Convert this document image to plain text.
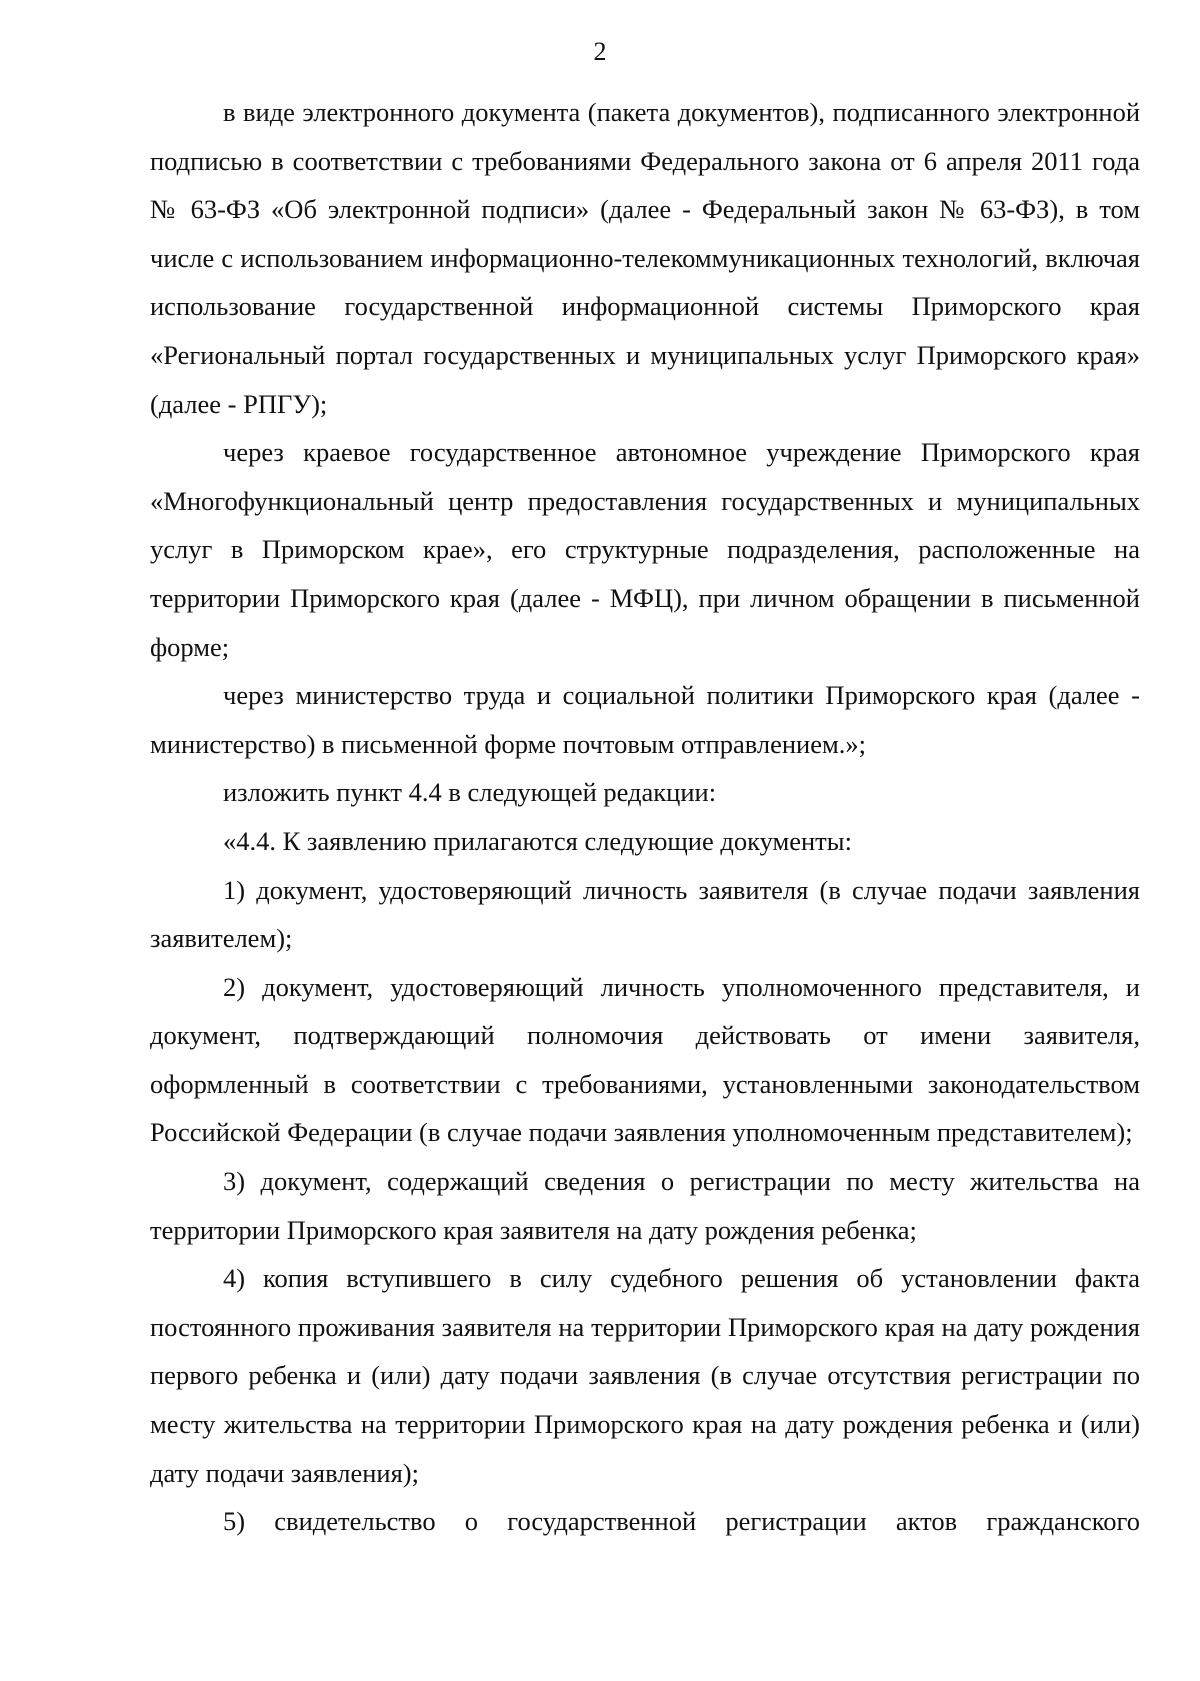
2

в виде электронного документа (пакета документов), подписанного электронной подписью в соответствии с требованиями Федерального закона от 6 апреля 2011 года № 63-ФЗ «Об электронной подписи» (далее - Федеральный закон № 63-ФЗ), в том числе с использованием информационно-телекоммуникационных технологий, включая использование государственной информационной системы Приморского края «Региональный портал государственных и муниципальных услуг Приморского края» (далее - РПГУ);

через краевое государственное автономное учреждение Приморского края «Многофункциональный центр предоставления государственных и муниципальных услуг в Приморском крае», его структурные подразделения, расположенные на территории Приморского края (далее - МФЦ), при личном обращении в письменной форме;

через министерство труда и социальной политики Приморского края (далее - министерство) в письменной форме почтовым отправлением.»;

изложить пункт 4.4 в следующей редакции:

«4.4. К заявлению прилагаются следующие документы:

1) документ, удостоверяющий личность заявителя (в случае подачи заявления заявителем);

2) документ, удостоверяющий личность уполномоченного представителя, и документ, подтверждающий полномочия действовать от имени заявителя, оформленный в соответствии с требованиями, установленными законодательством Российской Федерации (в случае подачи заявления уполномоченным представителем);

3) документ, содержащий сведения о регистрации по месту жительства на территории Приморского края заявителя на дату рождения ребенка;

4) копия вступившего в силу судебного решения об установлении факта постоянного проживания заявителя на территории Приморского края на дату рождения первого ребенка и (или) дату подачи заявления (в случае отсутствия регистрации по месту жительства на территории Приморского края на дату рождения ребенка и (или) дату подачи заявления);

5) свидетельство о государственной регистрации актов гражданского
